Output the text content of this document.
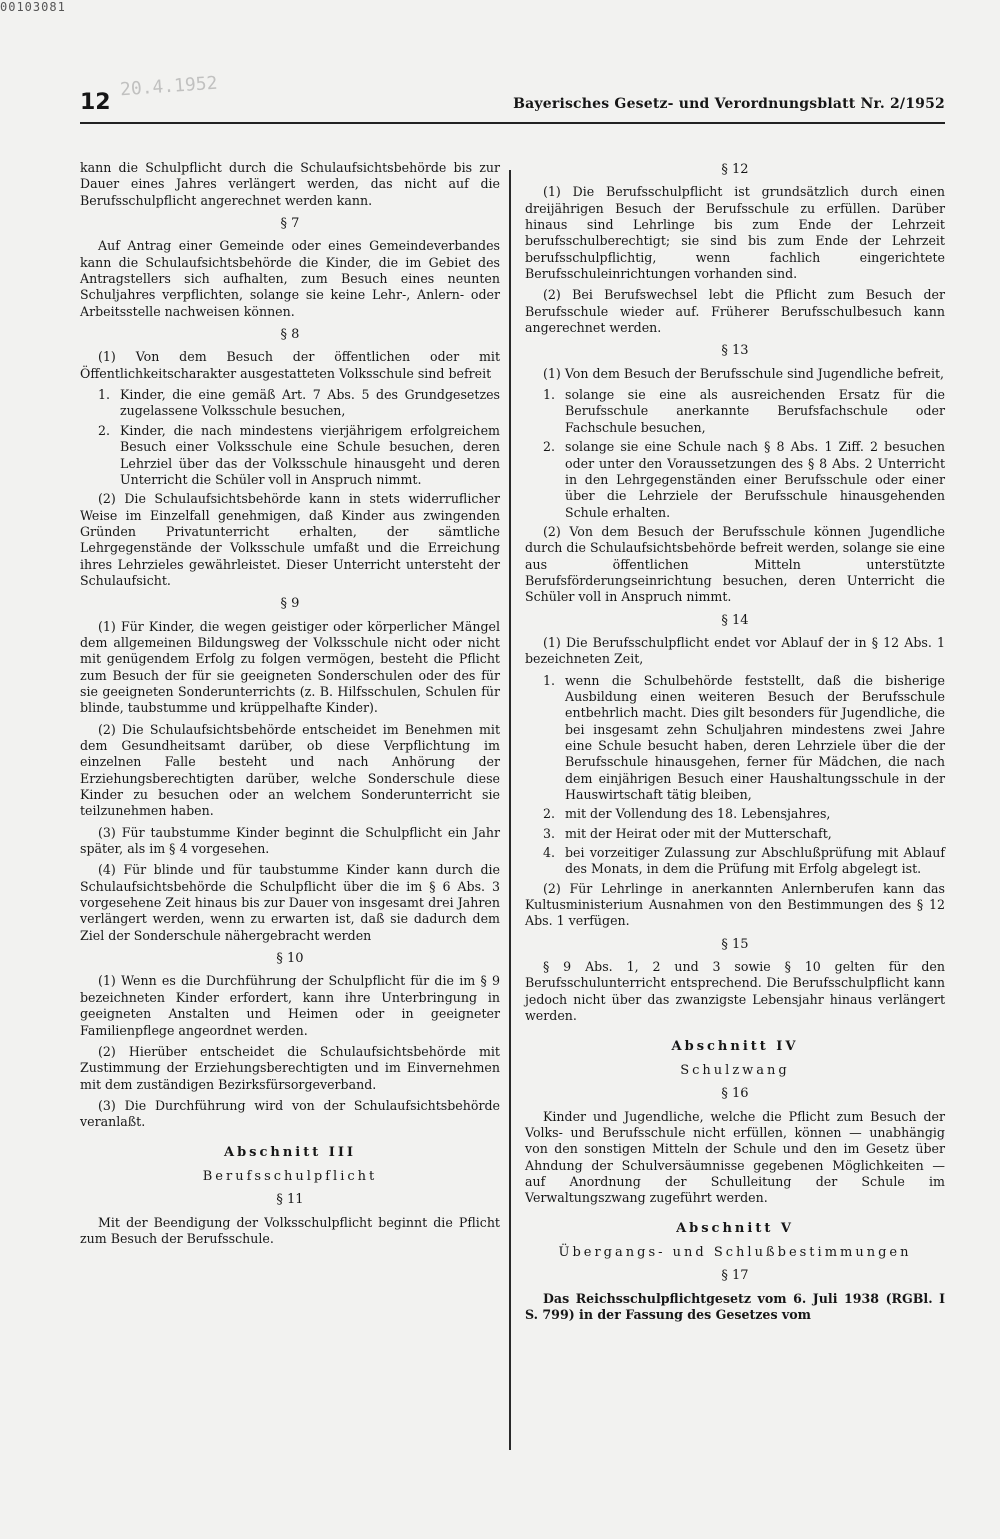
00103081
20.4.1952
12	Bayerisches Gesetz- und Verordnungsblatt Nr. 2/1952

kann die Schulpflicht durch die Schulaufsichtsbehörde bis zur Dauer eines Jahres verlängert werden, das nicht auf die Berufsschulpflicht angerechnet werden kann.

§ 7

Auf Antrag einer Gemeinde oder eines Gemeindeverbandes kann die Schulaufsichtsbehörde die Kinder, die im Gebiet des Antragstellers sich aufhalten, zum Besuch eines neunten Schuljahres verpflichten, solange sie keine Lehr-, Anlern- oder Arbeitsstelle nachweisen können.

§ 8

(1) Von dem Besuch der öffentlichen oder mit Öffentlichkeitscharakter ausgestatteten Volksschule sind befreit

1. Kinder, die eine gemäß Art. 7 Abs. 5 des Grundgesetzes zugelassene Volksschule besuchen,
2. Kinder, die nach mindestens vierjährigem erfolgreichem Besuch einer Volksschule eine Schule besuchen, deren Lehrziel über das der Volksschule hinausgeht und deren Unterricht die Schüler voll in Anspruch nimmt.

(2) Die Schulaufsichtsbehörde kann in stets widerruflicher Weise im Einzelfall genehmigen, daß Kinder aus zwingenden Gründen Privatunterricht erhalten, der sämtliche Lehrgegenstände der Volksschule umfaßt und die Erreichung ihres Lehrzieles gewährleistet. Dieser Unterricht untersteht der Schulaufsicht.

§ 9

(1) Für Kinder, die wegen geistiger oder körperlicher Mängel dem allgemeinen Bildungsweg der Volksschule nicht oder nicht mit genügendem Erfolg zu folgen vermögen, besteht die Pflicht zum Besuch der für sie geeigneten Sonderschulen oder des für sie geeigneten Sonderunterrichts (z. B. Hilfsschulen, Schulen für blinde, taubstumme und krüppelhafte Kinder).

(2) Die Schulaufsichtsbehörde entscheidet im Benehmen mit dem Gesundheitsamt darüber, ob diese Verpflichtung im einzelnen Falle besteht und nach Anhörung der Erziehungsberechtigten darüber, welche Sonderschule diese Kinder zu besuchen oder an welchem Sonderunterricht sie teilzunehmen haben.

(3) Für taubstumme Kinder beginnt die Schulpflicht ein Jahr später, als im § 4 vorgesehen.

(4) Für blinde und für taubstumme Kinder kann durch die Schulaufsichtsbehörde die Schulpflicht über die im § 6 Abs. 3 vorgesehene Zeit hinaus bis zur Dauer von insgesamt drei Jahren verlängert werden, wenn zu erwarten ist, daß sie dadurch dem Ziel der Sonderschule nähergebracht werden

§ 10

(1) Wenn es die Durchführung der Schulpflicht für die im § 9 bezeichneten Kinder erfordert, kann ihre Unterbringung in geeigneten Anstalten und Heimen oder in geeigneter Familienpflege angeordnet werden.

(2) Hierüber entscheidet die Schulaufsichtsbehörde mit Zustimmung der Erziehungsberechtigten und im Einvernehmen mit dem zuständigen Bezirksfürsorgeverband.

(3) Die Durchführung wird von der Schulaufsichtsbehörde veranlaßt.

Abschnitt III
Berufsschulpflicht
§ 11

Mit der Beendigung der Volksschulpflicht beginnt die Pflicht zum Besuch der Berufsschule.

§ 12

(1) Die Berufsschulpflicht ist grundsätzlich durch einen dreijährigen Besuch der Berufsschule zu erfüllen. Darüber hinaus sind Lehrlinge bis zum Ende der Lehrzeit berufsschulberechtigt; sie sind bis zum Ende der Lehrzeit berufsschulpflichtig, wenn fachlich eingerichtete Berufsschuleinrichtungen vorhanden sind.

(2) Bei Berufswechsel lebt die Pflicht zum Besuch der Berufsschule wieder auf. Früherer Berufsschulbesuch kann angerechnet werden.

§ 13

(1) Von dem Besuch der Berufsschule sind Jugendliche befreit,

1. solange sie eine als ausreichenden Ersatz für die Berufsschule anerkannte Berufsfachschule oder Fachschule besuchen,
2. solange sie eine Schule nach § 8 Abs. 1 Ziff. 2 besuchen oder unter den Voraussetzungen des § 8 Abs. 2 Unterricht in den Lehrgegenständen einer Berufsschule oder einer über die Lehrziele der Berufsschule hinausgehenden Schule erhalten.

(2) Von dem Besuch der Berufsschule können Jugendliche durch die Schulaufsichtsbehörde befreit werden, solange sie eine aus öffentlichen Mitteln unterstützte Berufsförderungseinrichtung besuchen, deren Unterricht die Schüler voll in Anspruch nimmt.

§ 14

(1) Die Berufsschulpflicht endet vor Ablauf der in § 12 Abs. 1 bezeichneten Zeit,

1. wenn die Schulbehörde feststellt, daß die bisherige Ausbildung einen weiteren Besuch der Berufsschule entbehrlich macht. Dies gilt besonders für Jugendliche, die bei insgesamt zehn Schuljahren mindestens zwei Jahre eine Schule besucht haben, deren Lehrziele über die der Berufsschule hinausgehen, ferner für Mädchen, die nach dem einjährigen Besuch einer Haushaltungsschule in der Hauswirtschaft tätig bleiben,
2. mit der Vollendung des 18. Lebensjahres,
3. mit der Heirat oder mit der Mutterschaft,
4. bei vorzeitiger Zulassung zur Abschlußprüfung mit Ablauf des Monats, in dem die Prüfung mit Erfolg abgelegt ist.

(2) Für Lehrlinge in anerkannten Anlernberufen kann das Kultusministerium Ausnahmen von den Bestimmungen des § 12 Abs. 1 verfügen.

§ 15

§ 9 Abs. 1, 2 und 3 sowie § 10 gelten für den Berufsschulunterricht entsprechend. Die Berufsschulpflicht kann jedoch nicht über das zwanzigste Lebensjahr hinaus verlängert werden.

Abschnitt IV
Schulzwang
§ 16

Kinder und Jugendliche, welche die Pflicht zum Besuch der Volks- und Berufsschule nicht erfüllen, können — unabhängig von den sonstigen Mitteln der Schule und den im Gesetz über Ahndung der Schulversäumnisse gegebenen Möglichkeiten — auf Anordnung der Schulleitung der Schule im Verwaltungszwang zugeführt werden.

Abschnitt V
Übergangs- und Schlußbestimmungen
§ 17

Das Reichsschulpflichtgesetz vom 6. Juli 1938 (RGBl. I S. 799) in der Fassung des Gesetzes vom
